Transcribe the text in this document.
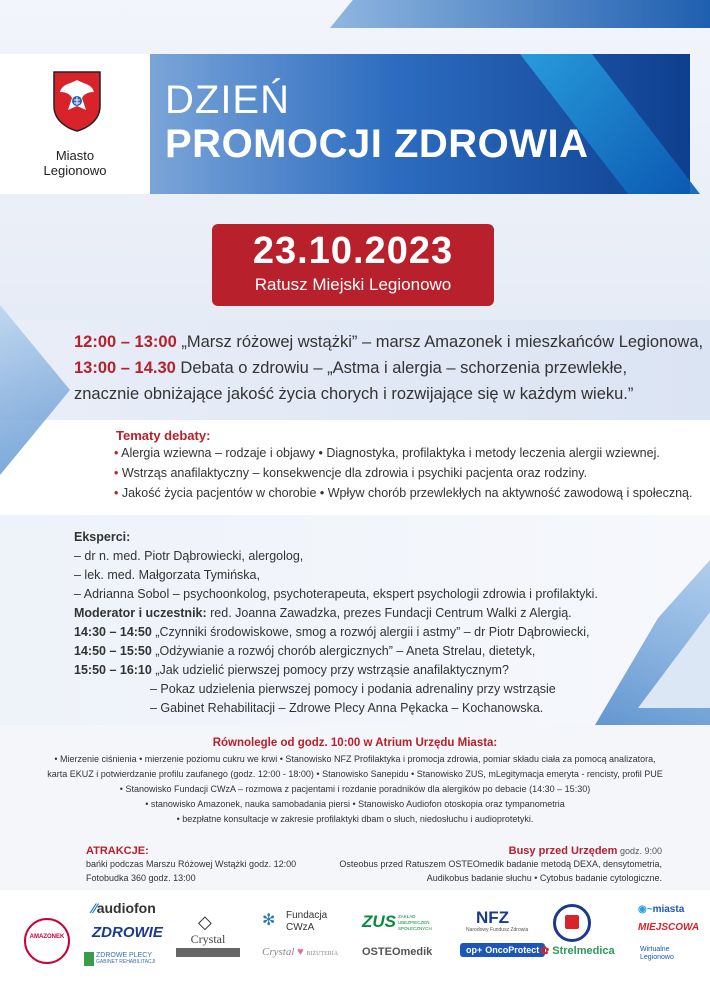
Miasto
Legionowo
DZIEŃ
PROMOCJI ZDROWIA
23.10.2023
Ratusz Miejski Legionowo
12:00 – 13:00 „Marsz różowej wstążki” – marsz Amazonek i mieszkańców Legionowa,
13:00 – 14.30 Debata o zdrowiu – „Astma i alergia – schorzenia przewlekłe,
znacznie obniżające jakość życia chorych i rozwijające się w każdym wieku.”
Tematy debaty:
• Alergia wziewna – rodzaje i objawy • Diagnostyka, profilaktyka i metody leczenia alergii wziewnej.
• Wstrząs anafilaktyczny – konsekwencje dla zdrowia i psychiki pacjenta oraz rodziny.
• Jakość życia pacjentów w chorobie • Wpływ chorób przewlekłych na aktywność zawodową i społeczną.
Eksperci:
– dr n. med. Piotr Dąbrowiecki, alergolog,
– lek. med. Małgorzata Tymińska,
– Adrianna Sobol – psychoonkolog, psychoterapeuta, ekspert psychologii zdrowia i profilaktyki.
Moderator i uczestnik: red. Joanna Zawadzka, prezes Fundacji Centrum Walki z Alergią.
14:30 – 14:50 „Czynniki środowiskowe, smog a rozwój alergii i astmy” – dr Piotr Dąbrowiecki,
14:50 – 15:50 „Odżywianie a rozwój chorób alergicznych” – Aneta Strelau, dietetyk,
15:50 – 16:10 „Jak udzielić pierwszej pomocy przy wstrząsie anafilaktycznym?
– Pokaz udzielenia pierwszej pomocy i podania adrenaliny przy wstrząsie
– Gabinet Rehabilitacji – Zdrowe Plecy Anna Pękacka – Kochanowska.
Równolegle od godz. 10:00 w Atrium Urzędu Miasta:
• Mierzenie ciśnienia • mierzenie poziomu cukru we krwi • Stanowisko NFZ Profilaktyka i promocja zdrowia, pomiar składu ciała za pomocą analizatora,
karta EKUZ i potwierdzanie profilu zaufanego (godz. 12:00 - 18:00) • Stanowisko Sanepidu • Stanowisko ZUS, mLegitymacja emeryta - rencisty, profil PUE
• Stanowisko Fundacji CWzA – rozmowa z pacjentami i rozdanie poradników dla alergików po debacie (14:30 – 15:30)
• stanowisko Amazonek, nauka samobadania piersi • Stanowisko Audiofon otoskopia oraz tympanometria
• bezpłatne konsultacje w zakresie profilaktyki dbam o słuch, niedosłuchu i audioprotetyki.
ATRAKCJE:
bańki podczas Marszu Różowej Wstążki godz. 12:00
Fotobudka 360 godz. 13:00
Busy przed Urzędem godz. 9:00
Osteobus przed Ratuszem OSTEOmedik badanie metodą DEXA, densytometria,
Audikobus badanie słuchu • Cytobus badanie cytologiczne.
AMAZONEK
⁄⁄audiofon
ZDROWIE
ZDROWE PLECY
GABINET REHABILITACJI
◇
Crystal
Crystal ♥ BIŻUTERIA
✻ Fundacja
CWzA	ZUS ZAKŁAD UBEZPIECZEŃ SPOŁECZNYCH
OSTEOmedik
NFZ
Narodowy Fundusz Zdrowia
op+ OncoProtect ✿ Strelmedica
◉~miasta
MIEJSCOWA
Wirtualne
Legionowo
